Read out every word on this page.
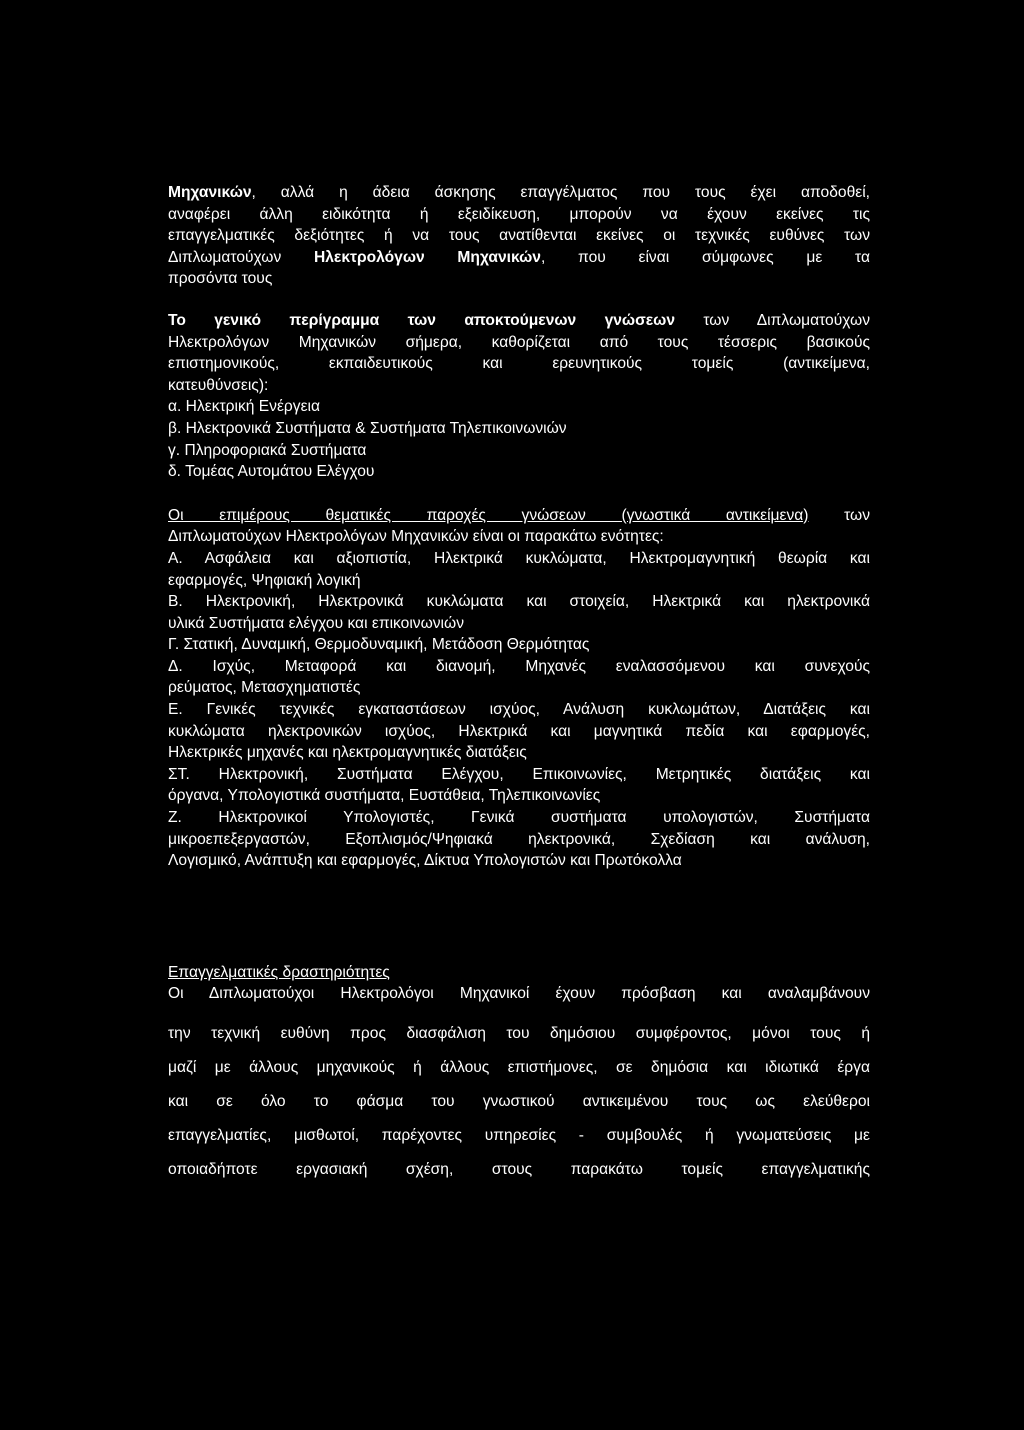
Μηχανικών, αλλά η άδεια άσκησης επαγγέλματος που τους έχει αποδοθεί,
αναφέρει άλλη ειδικότητα ή εξειδίκευση, μπορούν να έχουν εκείνες τις
επαγγελματικές δεξιότητες ή να τους ανατίθενται εκείνες οι τεχνικές ευθύνες των
Διπλωματούχων Ηλεκτρολόγων Μηχανικών, που είναι σύμφωνες με τα
προσόντα τους
Το γενικό περίγραμμα των αποκτούμενων γνώσεων των Διπλωματούχων
Ηλεκτρολόγων Μηχανικών σήμερα, καθορίζεται από τους τέσσερις βασικούς
επιστημονικούς, εκπαιδευτικούς και ερευνητικούς τομείς (αντικείμενα,
κατευθύνσεις):
α. Ηλεκτρική Ενέργεια
β. Ηλεκτρονικά Συστήματα & Συστήματα Τηλεπικοινωνιών
γ. Πληροφοριακά Συστήματα
δ. Τομέας Αυτομάτου Ελέγχου
Οι επιμέρους θεματικές παροχές γνώσεων (γνωστικά αντικείμενα) των
Διπλωματούχων Ηλεκτρολόγων Μηχανικών είναι οι παρακάτω ενότητες:
Α. Ασφάλεια και αξιοπιστία, Ηλεκτρικά κυκλώματα, Ηλεκτρομαγνητική θεωρία και
εφαρμογές, Ψηφιακή λογική
Β. Ηλεκτρονική, Ηλεκτρονικά κυκλώματα και στοιχεία, Ηλεκτρικά και ηλεκτρονικά
υλικά Συστήματα ελέγχου και επικοινωνιών
Γ. Στατική, Δυναμική, Θερμοδυναμική, Μετάδοση Θερμότητας
Δ. Ισχύς, Μεταφορά και διανομή, Μηχανές εναλασσόμενου και συνεχούς
ρεύματος, Μετασχηματιστές
Ε. Γενικές τεχνικές εγκαταστάσεων ισχύος, Ανάλυση κυκλωμάτων, Διατάξεις και
κυκλώματα ηλεκτρονικών ισχύος, Ηλεκτρικά και μαγνητικά πεδία και εφαρμογές,
Ηλεκτρικές μηχανές και ηλεκτρομαγνητικές διατάξεις
ΣΤ. Ηλεκτρονική, Συστήματα Ελέγχου, Επικοινωνίες, Μετρητικές διατάξεις και
όργανα, Υπολογιστικά συστήματα, Ευστάθεια, Τηλεπικοινωνίες
Ζ. Ηλεκτρονικοί Υπολογιστές, Γενικά συστήματα υπολογιστών, Συστήματα
μικροεπεξεργαστών, Εξοπλισμός/Ψηφιακά ηλεκτρονικά, Σχεδίαση και ανάλυση,
Λογισμικό, Ανάπτυξη και εφαρμογές, Δίκτυα Υπολογιστών και Πρωτόκολλα
Επαγγελματικές δραστηριότητες
Οι Διπλωματούχοι Ηλεκτρολόγοι Μηχανικοί έχουν πρόσβαση και αναλαμβάνουν
την τεχνική ευθύνη προς διασφάλιση του δημόσιου συμφέροντος, μόνοι τους ή
μαζί με άλλους μηχανικούς ή άλλους επιστήμονες, σε δημόσια και ιδιωτικά έργα
και σε όλο το φάσμα του γνωστικού αντικειμένου τους ως ελεύθεροι
επαγγελματίες, μισθωτοί, παρέχοντες υπηρεσίες - συμβουλές ή γνωματεύσεις με
οποιαδήποτε εργασιακή σχέση, στους παρακάτω τομείς επαγγελματικής
